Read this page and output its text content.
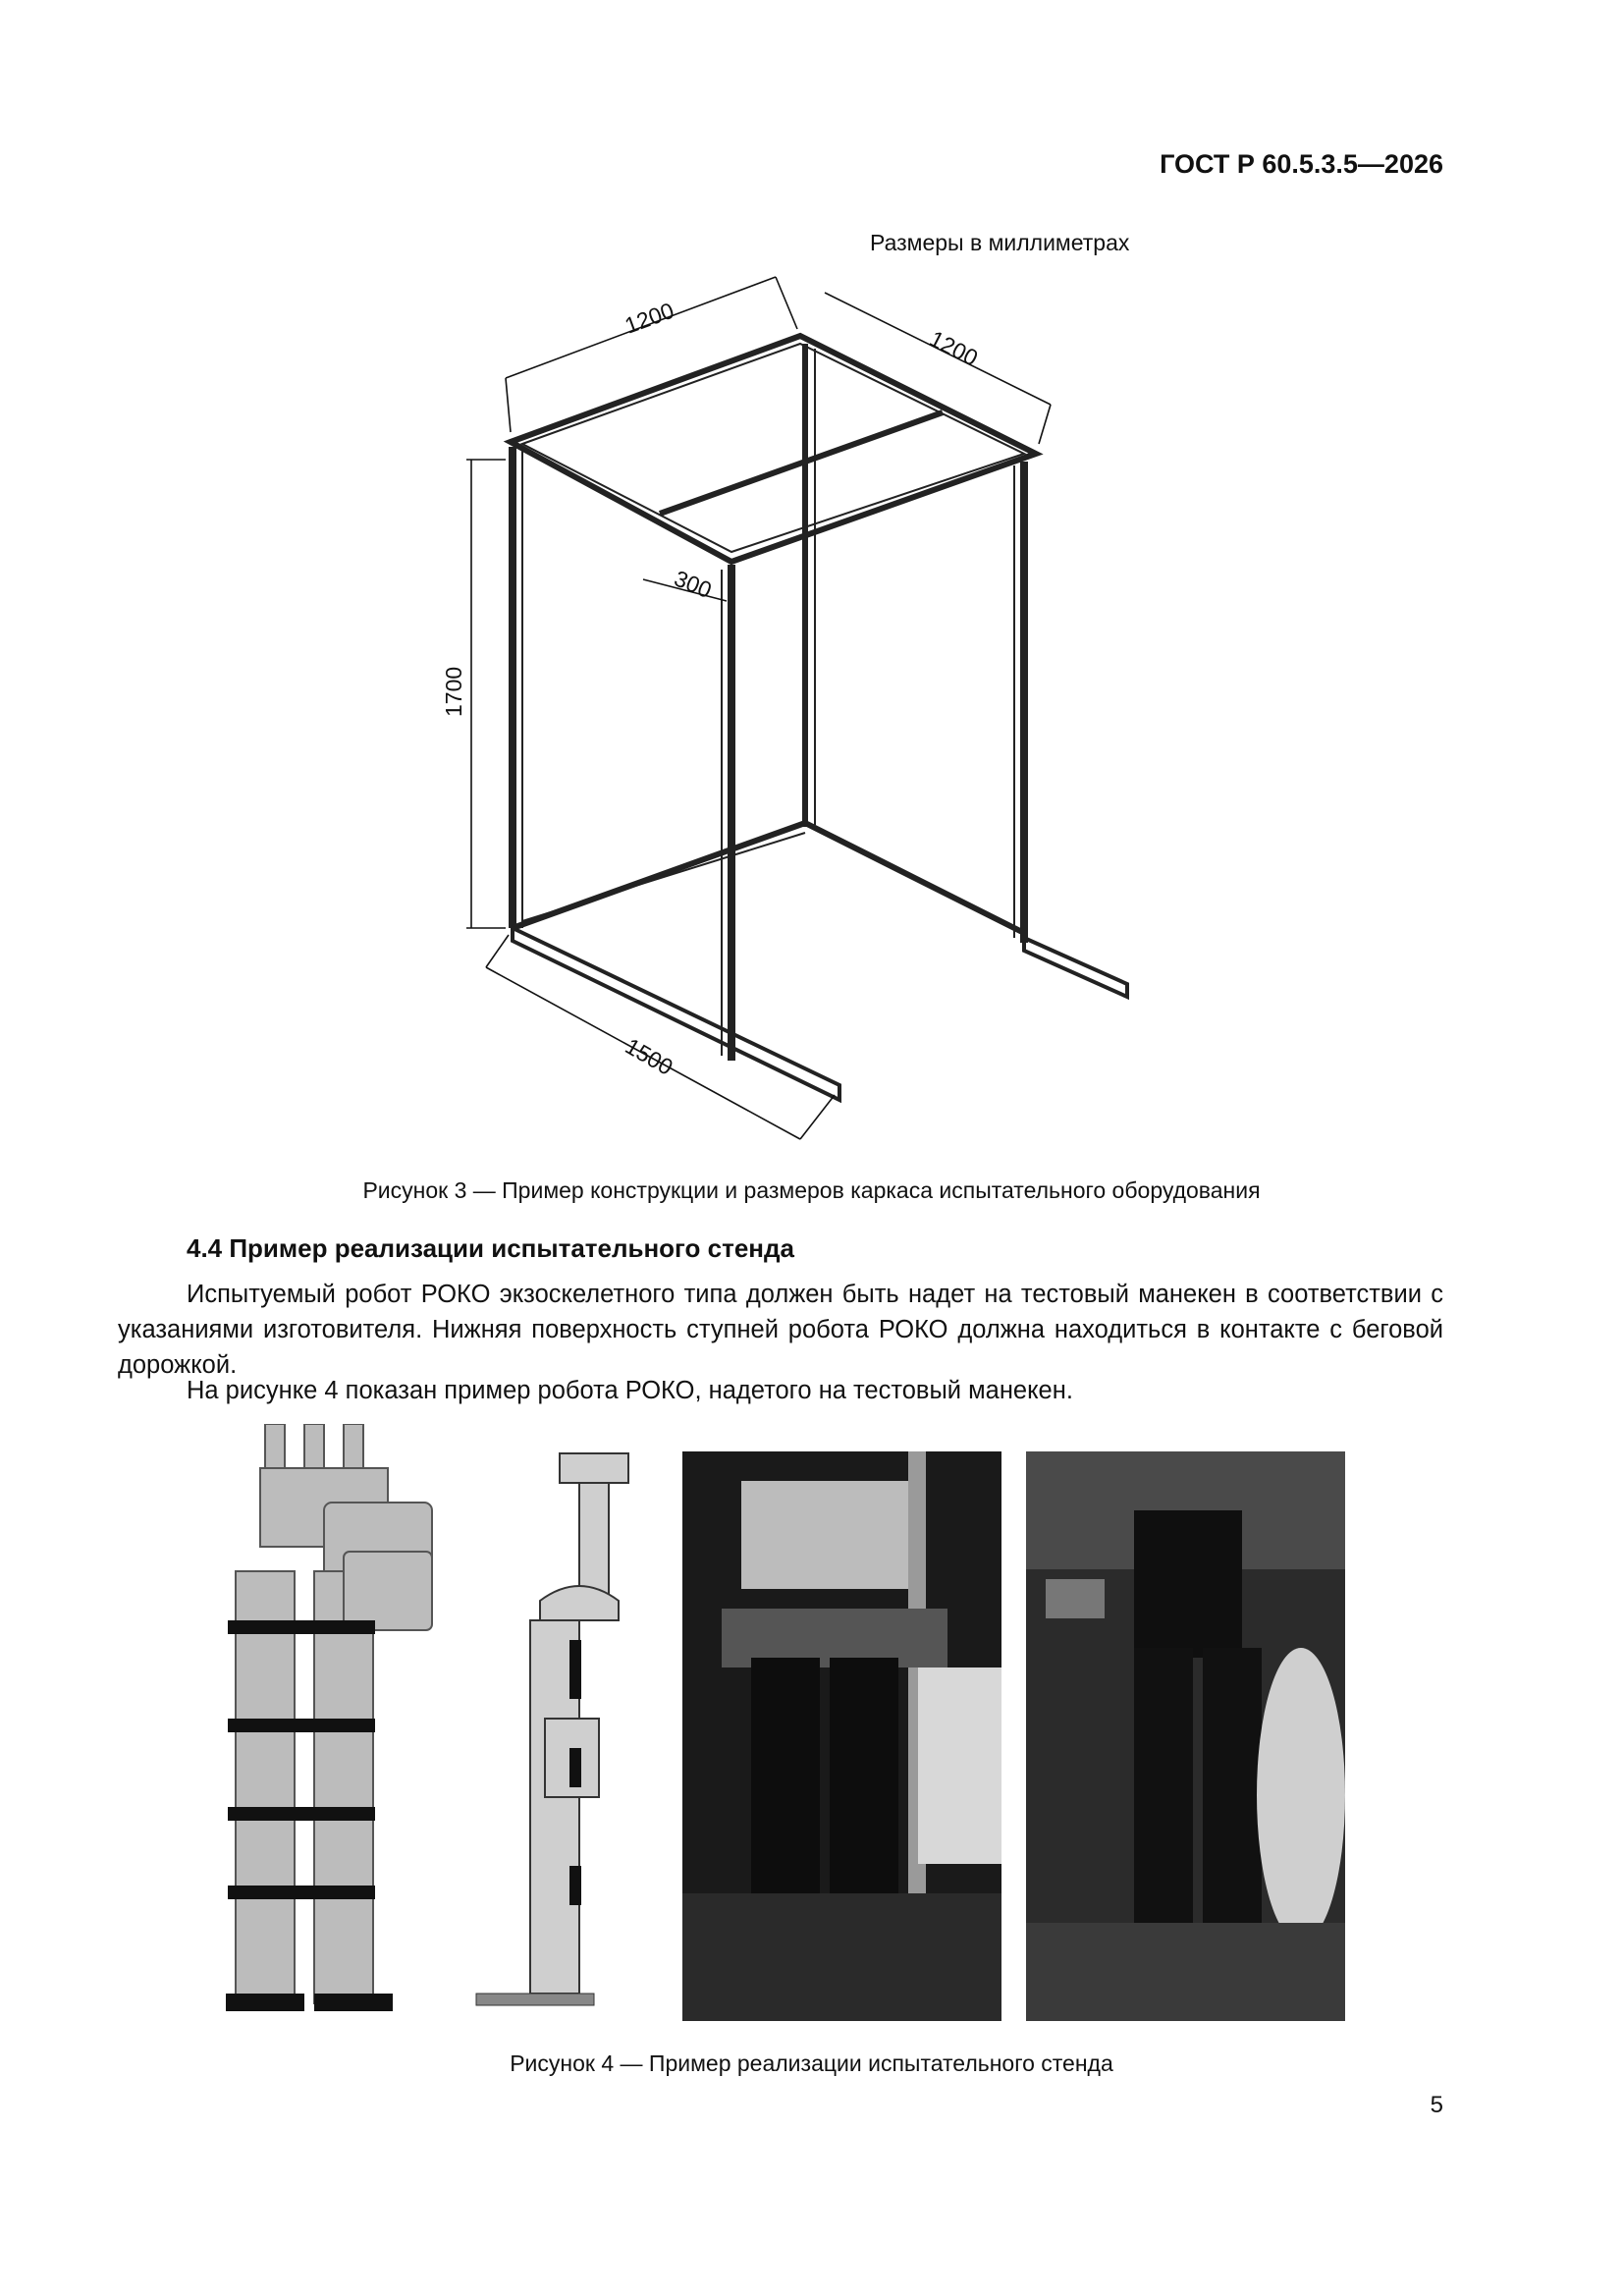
ГОСТ Р 60.5.3.5—2026
Размеры в миллиметрах
1200
1200
300
1700
1500
Рисунок 3 — Пример конструкции и размеров каркаса испытательного оборудования
4.4 Пример реализации испытательного стенда
Испытуемый робот РОКО экзоскелетного типа должен быть надет на тестовый манекен в соответствии с указаниями изготовителя. Нижняя поверхность ступней робота РОКО должна находиться в контакте с беговой дорожкой.
На рисунке 4 показан пример робота РОКО, надетого на тестовый манекен.
Рисунок 4 — Пример реализации испытательного стенда
5
